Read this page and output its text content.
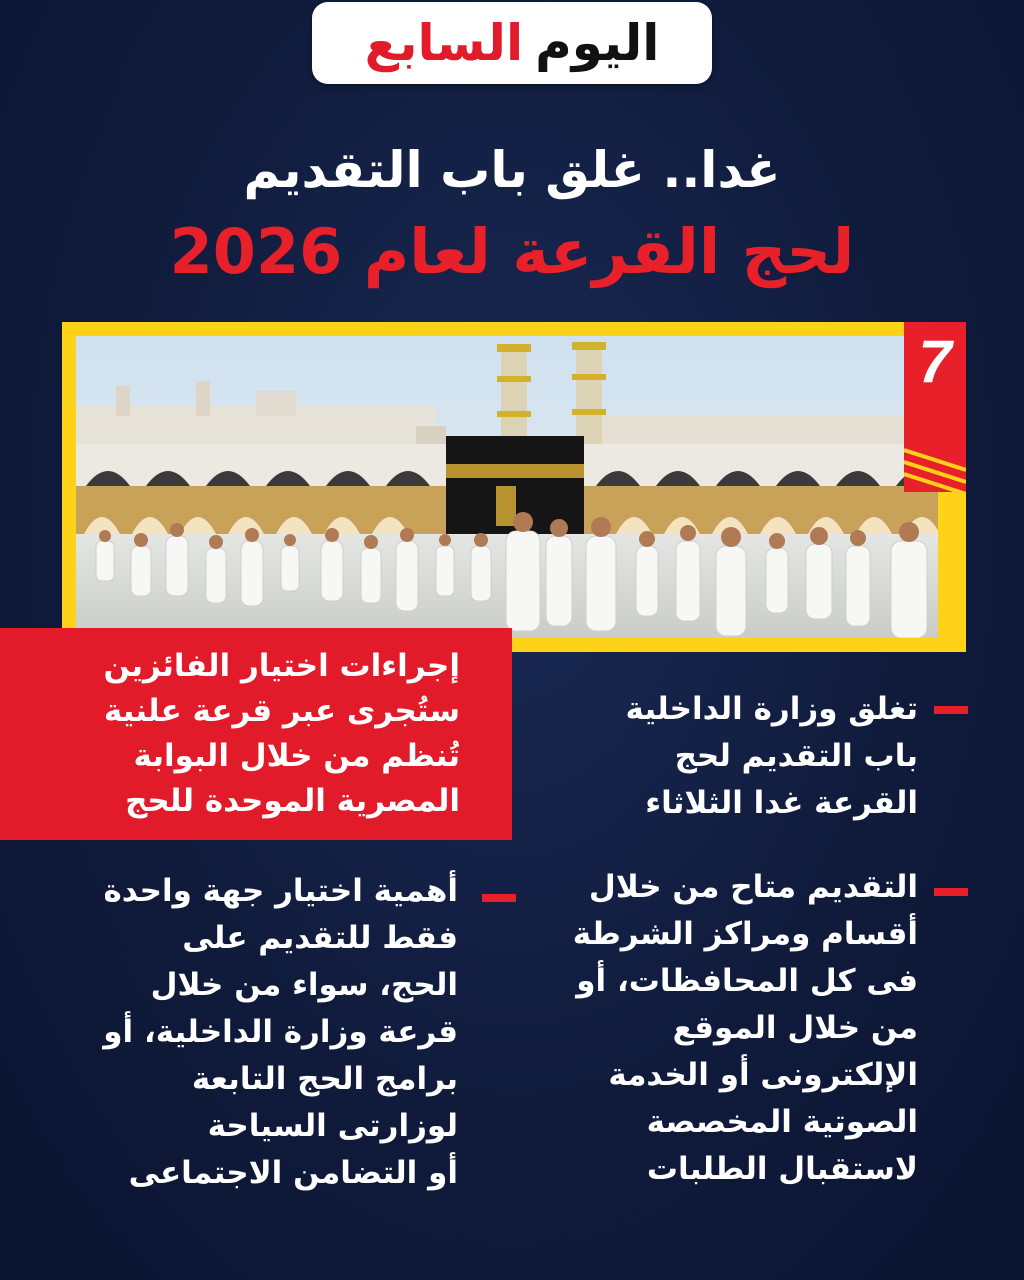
اليوم
السابع
غدا.. غلق باب التقديم
لحج القرعة لعام 2026
7
إجراءات اختيار الفائزين
ستُجرى عبر قرعة علنية
تُنظم من خلال البوابة
المصرية الموحدة للحج
تغلق وزارة الداخلية
باب التقديم لحج
القرعة غدا الثلاثاء
التقديم متاح من خلال
أقسام ومراكز الشرطة
فى كل المحافظات، أو
من خلال الموقع
الإلكترونى أو الخدمة
الصوتية المخصصة
لاستقبال الطلبات
أهمية اختيار جهة واحدة
فقط للتقديم على
الحج، سواء من خلال
قرعة وزارة الداخلية، أو
برامج الحج التابعة
لوزارتى السياحة
أو التضامن الاجتماعى
